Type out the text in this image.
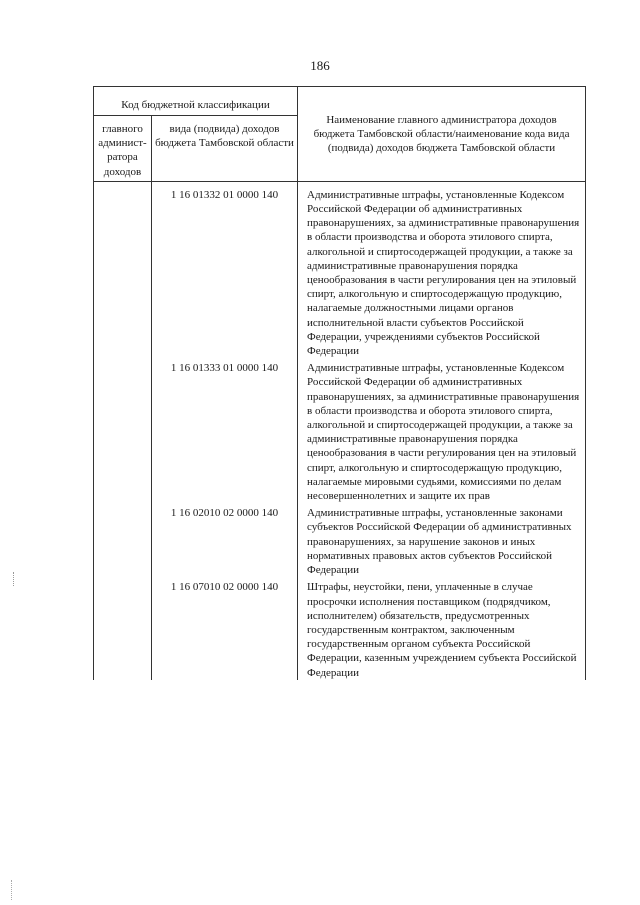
186
Код бюджетной классификации		Наименование главного администратора доходов бюджета Тамбовской области/наименование кода вида (подвида) доходов бюджета Тамбовской области
главного админист-ратора доходов	вида (подвида) доходов бюджета Тамбовской области	
	1 16 01332 01 0000 140	Административные штрафы, установленные Кодексом Российской Федерации об административных правонарушениях, за административные правонарушения в области производства и оборота этилового спирта, алкогольной и спиртосодержащей продукции, а также за административные правонарушения порядка ценообразования в части регулирования цен на этиловый спирт, алкогольную и спиртосодержащую продукцию, налагаемые должностными лицами органов исполнительной власти субъектов Российской Федерации, учреждениями субъектов Российской Федерации
	1 16 01333 01 0000 140	Административные штрафы, установленные Кодексом Российской Федерации об административных правонарушениях, за административные правонарушения в области производства и оборота этилового спирта, алкогольной и спиртосодержащей продукции, а также за административные правонарушения порядка ценообразования в части регулирования цен на этиловый спирт, алкогольную и спиртосодержащую продукцию, налагаемые мировыми судьями, комиссиями по делам несовершеннолетних и защите их прав
	1 16 02010 02 0000 140	Административные штрафы, установленные законами субъектов Российской Федерации об административных правонарушениях, за нарушение законов и иных нормативных правовых актов субъектов Российской Федерации
	1 16 07010 02 0000 140	Штрафы, неустойки, пени, уплаченные в случае просрочки исполнения поставщиком (подрядчиком, исполнителем) обязательств, предусмотренных государственным контрактом, заключенным государственным органом субъекта Российской Федерации, казенным учреждением субъекта Российской Федерации
